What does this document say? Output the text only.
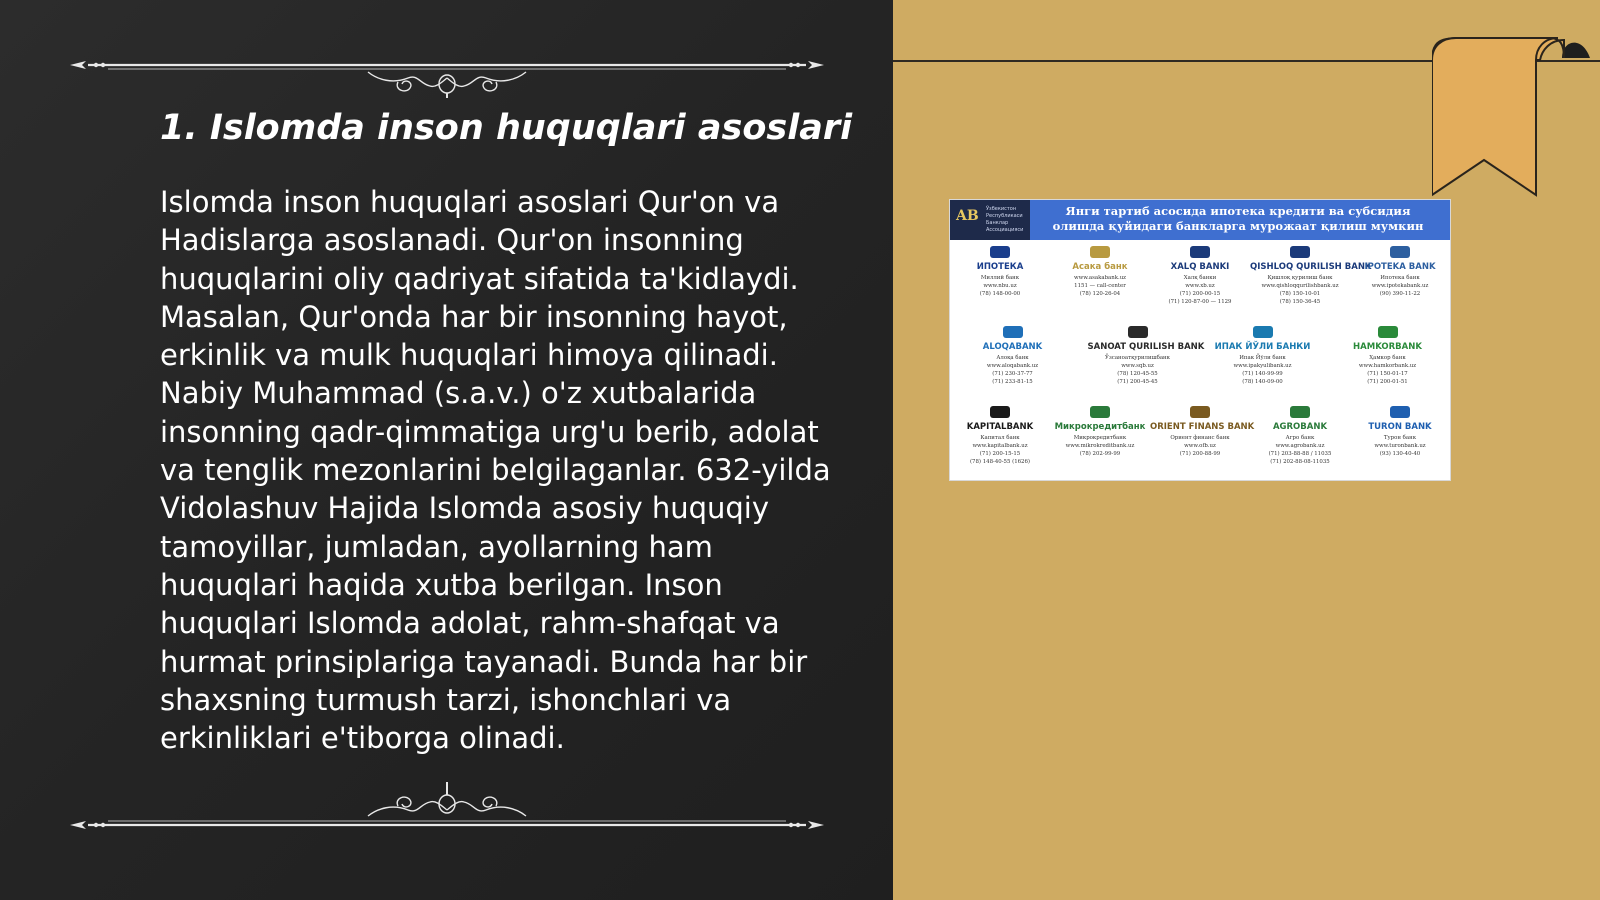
1. Islomda inson huquqlari asoslari

Islomda inson huquqlari asoslari Qur'on va Hadislarga asoslanadi. Qur'on insonning huquqlarini oliy qadriyat sifatida ta'kidlaydi. Masalan, Qur'onda har bir insonning hayot, erkinlik va mulk huquqlari himoya qilinadi. Nabiy Muhammad (s.a.v.) o'z xutbalarida insonning qadr-qimmatiga urg'u berib, adolat va tenglik mezonlarini belgilaganlar. 632-yilda Vidolashuv Hajida Islomda asosiy huquqiy tamoyillar, jumladan, ayollarning ham huquqlari haqida xutba berilgan. Inson huquqlari Islomda adolat, rahm-shafqat va hurmat prinsiplariga tayanadi. Bunda har bir shaxsning turmush tarzi, ishonchlari va erkinliklari e'tiborga olinadi.

AB Ўзбекистон Республикаси Банклар Ассоциацияси
Янги тартиб асосида ипотека кредити ва субсидия олишда қуйидаги банкларга мурожаат қилиш мумкин
ИПОТЕКА
Миллий банк
www.nbu.uz
(78) 148-00-00
Асака банк
www.asakabank.uz
1151 — call-center
(78) 120-26-04
XALQ BANKI
Халқ банки
www.xb.uz
(71) 200-00-15
(71) 120-87-00 — 1129
QISHLOQ QURILISH BANK
Қишлоқ қурилиш банк
www.qishloqqurilishbank.uz
(78) 150-10-01
(78) 150-36-45
IPOTEKA BANK
Ипотека банк
www.ipotekabank.uz
(90) 390-11-22
ALOQABANK
Алоқа банк
www.aloqabank.uz
(71) 230-37-77
(71) 233-81-15
SANOAT QURILISH BANK
Ўзсаноатқурилишбанк
www.sqb.uz
(78) 120-45-55
(71) 200-45-45
ИПАК ЙЎЛИ БАНКИ
Ипак Йўли банк
www.ipakyulibank.uz
(71) 140-99-99
(78) 140-09-00
HAMKORBANK
Ҳамкор банк
www.hamkorbank.uz
(71) 150-01-17
(71) 200-01-51
KAPITALBANK
Капитал банк
www.kapitalbank.uz
(71) 200-15-15
(78) 148-40-55 (1626)
Микрокредитбанк
Микрокредитбанк
www.mikrokreditbank.uz
(78) 202-99-99
ORIENT FINANS BANK
Ориент финанс банк
www.ofb.uz
(71) 200-88-99
AGROBANK
Агро банк
www.agrobank.uz
(71) 203-88-88 / 11035
(71) 202-88-08-11035
TURON BANK
Турон банк
www.turonbank.uz
(93) 130-40-40
